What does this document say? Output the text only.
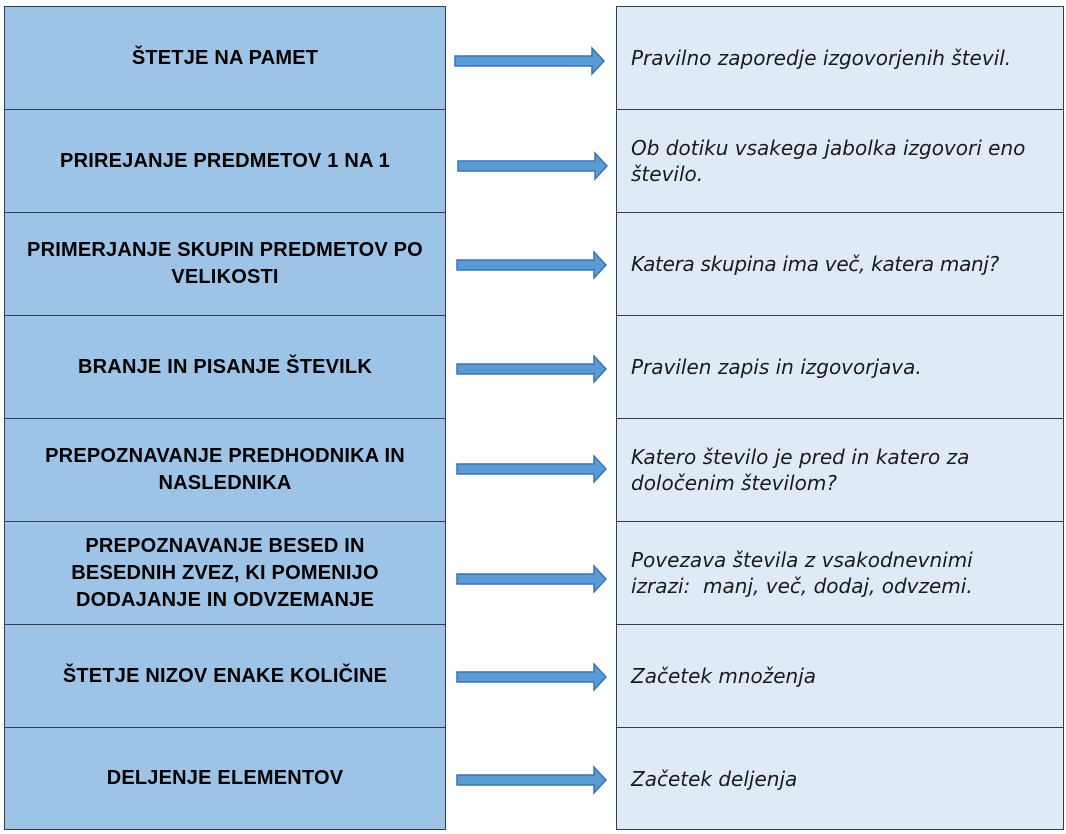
ŠTETJE NA PAMET
PRIREJANJE PREDMETOV 1 NA 1
PRIMERJANJE SKUPIN PREDMETOV PO VELIKOSTI
BRANJE IN PISANJE ŠTEVILK
PREPOZNAVANJE PREDHODNIKA IN NASLEDNIKA
PREPOZNAVANJE BESED IN BESEDNIH ZVEZ, KI POMENIJO DODAJANJE IN ODVZEMANJE
ŠTETJE NIZOV ENAKE KOLIČINE
DELJENJE ELEMENTOV
Pravilno zaporedje izgovorjenih števil.
Ob dotiku vsakega jabolka izgovori eno število.
Katera skupina ima več, katera manj?
Pravilen zapis in izgovorjava.
Katero število je pred in katero za določenim številom?
Povezava števila z vsakodnevnimi izrazi:  manj, več, dodaj, odvzemi.
Začetek množenja
Začetek deljenja
